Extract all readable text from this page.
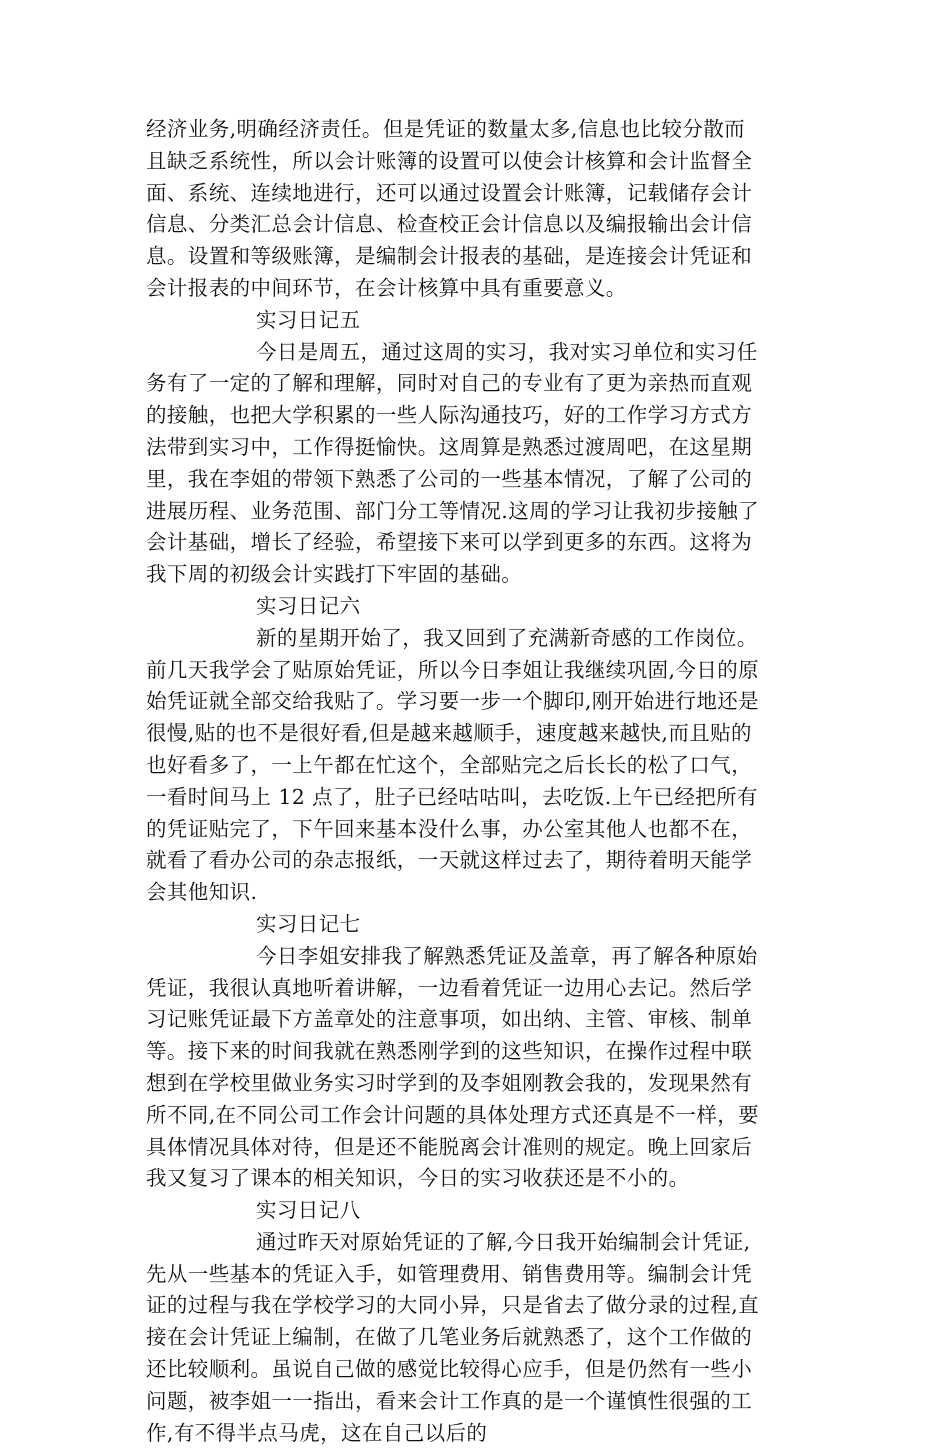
经济业务,明确经济责任。但是凭证的数量太多,信息也比较分散而
且缺乏系统性，所以会计账簿的设置可以使会计核算和会计监督全
面、系统、连续地进行，还可以通过设置会计账簿，记载储存会计
信息、分类汇总会计信息、检查校正会计信息以及编报输出会计信
息。设置和等级账簿，是编制会计报表的基础，是连接会计凭证和
会计报表的中间环节，在会计核算中具有重要意义。
实习日记五
今日是周五，通过这周的实习，我对实习单位和实习任
务有了一定的了解和理解，同时对自己的专业有了更为亲热而直观
的接触，也把大学积累的一些人际沟通技巧，好的工作学习方式方
法带到实习中，工作得挺愉快。这周算是熟悉过渡周吧，在这星期
里，我在李姐的带领下熟悉了公司的一些基本情况，了解了公司的
进展历程、业务范围、部门分工等情况.这周的学习让我初步接触了
会计基础，增长了经验，希望接下来可以学到更多的东西。这将为
我下周的初级会计实践打下牢固的基础。
实习日记六
新的星期开始了，我又回到了充满新奇感的工作岗位。
前几天我学会了贴原始凭证，所以今日李姐让我继续巩固,今日的原
始凭证就全部交给我贴了。学习要一步一个脚印,刚开始进行地还是
很慢,贴的也不是很好看,但是越来越顺手，速度越来越快,而且贴的
也好看多了，一上午都在忙这个，全部贴完之后长长的松了口气，
一看时间马上 12 点了，肚子已经咕咕叫，去吃饭.上午已经把所有
的凭证贴完了，下午回来基本没什么事，办公室其他人也都不在，
就看了看办公司的杂志报纸，一天就这样过去了，期待着明天能学
会其他知识.
实习日记七
今日李姐安排我了解熟悉凭证及盖章，再了解各种原始
凭证，我很认真地听着讲解，一边看着凭证一边用心去记。然后学
习记账凭证最下方盖章处的注意事项，如出纳、主管、审核、制单
等。接下来的时间我就在熟悉刚学到的这些知识，在操作过程中联
想到在学校里做业务实习时学到的及李姐刚教会我的，发现果然有
所不同,在不同公司工作会计问题的具体处理方式还真是不一样，要
具体情况具体对待，但是还不能脱离会计准则的规定。晚上回家后
我又复习了课本的相关知识，今日的实习收获还是不小的。
实习日记八
通过昨天对原始凭证的了解,今日我开始编制会计凭证,
先从一些基本的凭证入手，如管理费用、销售费用等。编制会计凭
证的过程与我在学校学习的大同小异，只是省去了做分录的过程,直
接在会计凭证上编制，在做了几笔业务后就熟悉了，这个工作做的
还比较顺利。虽说自己做的感觉比较得心应手，但是仍然有一些小
问题，被李姐一一指出，看来会计工作真的是一个谨慎性很强的工
作,有不得半点马虎，这在自己以后的
